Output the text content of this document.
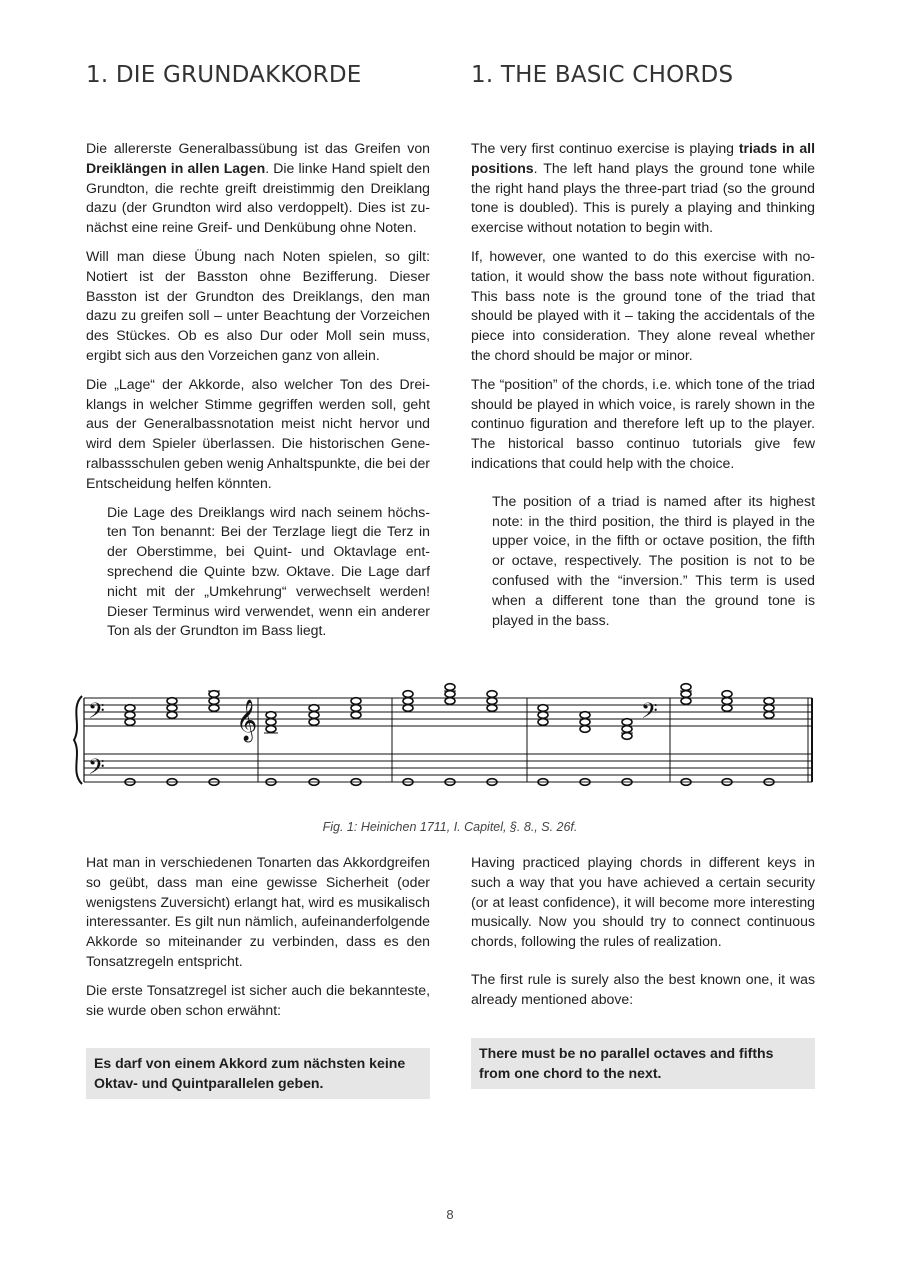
1. DIE GRUNDAKKORDE

Die allererste Generalbassübung ist das Greifen von Dreiklängen in allen Lagen. Die linke Hand spielt den Grundton, die rechte greift dreistimmig den Dreiklang dazu (der Grundton wird also verdoppelt). Dies ist zunächst eine reine Greif- und Denkübung ohne Noten.

Will man diese Übung nach Noten spielen, so gilt: Notiert ist der Basston ohne Bezifferung. Dieser Basston ist der Grundton des Dreiklangs, den man dazu zu greifen soll – unter Beachtung der Vorzeichen des Stückes. Ob es also Dur oder Moll sein muss, ergibt sich aus den Vorzeichen ganz von allein.

Die „Lage“ der Akkorde, also welcher Ton des Dreiklangs in welcher Stimme gegriffen werden soll, geht aus der Generalbassnotation meist nicht hervor und wird dem Spieler überlassen. Die historischen Generalbassschulen geben wenig Anhaltspunkte, die bei der Entscheidung helfen könnten.

Die Lage des Dreiklangs wird nach seinem höchsten Ton benannt: Bei der Terzlage liegt die Terz in der Oberstimme, bei Quint- und Oktavlage entsprechend die Quinte bzw. Oktave. Die Lage darf nicht mit der „Umkehrung“ verwechselt werden! Dieser Terminus wird verwendet, wenn ein anderer Ton als der Grundton im Bass liegt.

1. THE BASIC CHORDS

The very first continuo exercise is playing triads in all positions. The left hand plays the ground tone while the right hand plays the three-part triad (so the ground tone is doubled). This is purely a playing and thinking exercise without notation to begin with.

If, however, one wanted to do this exercise with notation, it would show the bass note without figuration. This bass note is the ground tone of the triad that should be played with it – taking the accidentals of the piece into consideration. They alone reveal whether the chord should be major or minor.

The “position” of the chords, i.e. which tone of the triad should be played in which voice, is rarely shown in the continuo figuration and therefore left up to the player. The historical basso continuo tutorials give few indications that could help with the choice.

The position of a triad is named after its highest note: in the third position, the third is played in the upper voice, in the fifth or octave position, the fifth or octave, respectively. The position is not to be confused with the “inversion.” This term is used when a different tone than the ground tone is played in the bass.

𝄢	𝄞	𝄢
𝄢
Fig. 1: Heinichen 1711, I. Capitel, §. 8., S. 26f.

Hat man in verschiedenen Tonarten das Akkordgreifen so geübt, dass man eine gewisse Sicherheit (oder wenigstens Zuversicht) erlangt hat, wird es musikalisch interessanter. Es gilt nun nämlich, aufeinanderfolgende Akkorde so miteinander zu verbinden, dass es den Tonsatzregeln entspricht.

Die erste Tonsatzregel ist sicher auch die bekannteste, sie wurde oben schon erwähnt:

Es darf von einem Akkord zum nächsten keine Oktav- und Quintparallelen geben.

Having practiced playing chords in different keys in such a way that you have achieved a certain security (or at least confidence), it will become more interesting musically. Now you should try to connect continuous chords, following the rules of realization.

The first rule is surely also the best known one, it was already mentioned above:

There must be no parallel octaves and fifths from one chord to the next.
8
